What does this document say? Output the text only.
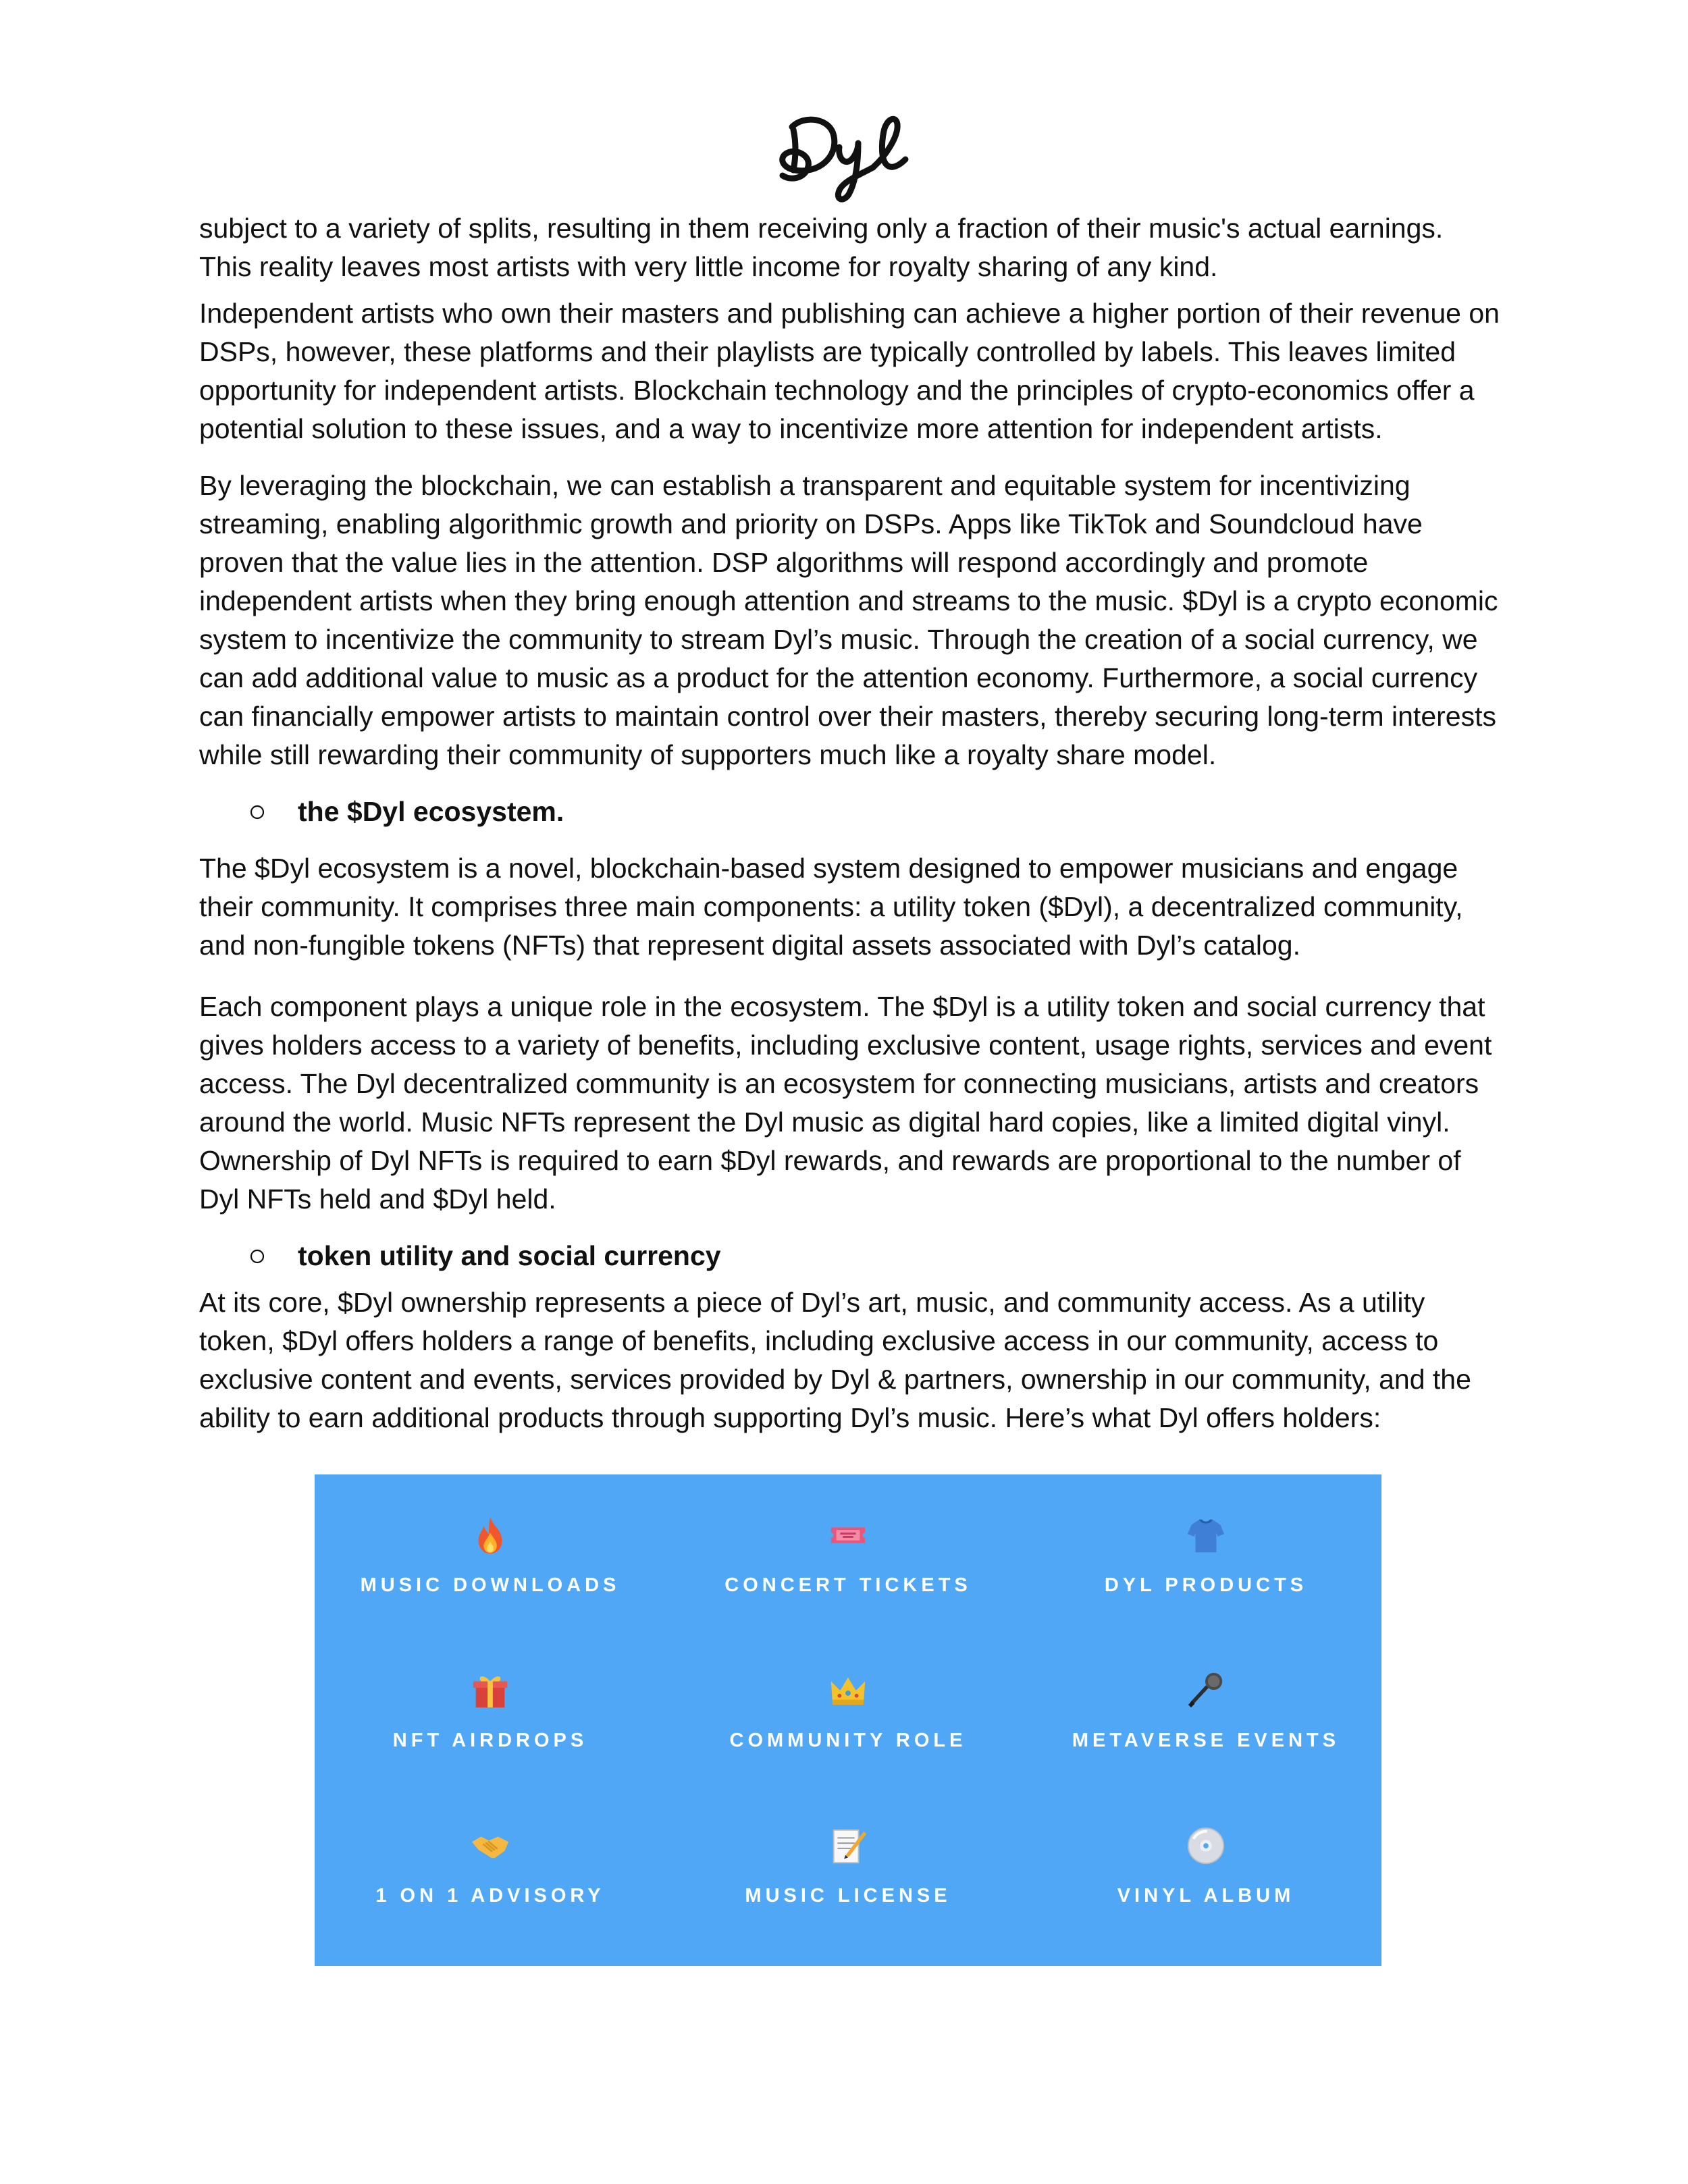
subject to a variety of splits, resulting in them receiving only a fraction of their music's actual earnings. This reality leaves most artists with very little income for royalty sharing of any kind.

Independent artists who own their masters and publishing can achieve a higher portion of their revenue on DSPs, however, these platforms and their playlists are typically controlled by labels. This leaves limited opportunity for independent artists. Blockchain technology and the principles of crypto-economics offer a potential solution to these issues, and a way to incentivize more attention for independent artists.

By leveraging the blockchain, we can establish a transparent and equitable system for incentivizing streaming, enabling algorithmic growth and priority on DSPs. Apps like TikTok and Soundcloud have proven that the value lies in the attention. DSP algorithms will respond accordingly and promote independent artists when they bring enough attention and streams to the music. $Dyl is a crypto economic system to incentivize the community to stream Dyl’s music. Through the creation of a social currency, we can add additional value to music as a product for the attention economy. Furthermore, a social currency can financially empower artists to maintain control over their masters, thereby securing long-term interests while still rewarding their community of supporters much like a royalty share model.

the $Dyl ecosystem.

The $Dyl ecosystem is a novel, blockchain-based system designed to empower musicians and engage their community. It comprises three main components: a utility token ($Dyl), a decentralized community, and non-fungible tokens (NFTs) that represent digital assets associated with Dyl’s catalog.

Each component plays a unique role in the ecosystem. The $Dyl is a utility token and social currency that gives holders access to a variety of benefits, including exclusive content, usage rights, services and event access. The Dyl decentralized community is an ecosystem for connecting musicians, artists and creators around the world. Music NFTs represent the Dyl music as digital hard copies, like a limited digital vinyl. Ownership of Dyl NFTs is required to earn $Dyl rewards, and rewards are proportional to the number of Dyl NFTs held and $Dyl held.

token utility and social currency

At its core, $Dyl ownership represents a piece of Dyl’s art, music, and community access. As a utility token, $Dyl offers holders a range of benefits, including exclusive access in our community, access to exclusive content and events, services provided by Dyl & partners, ownership in our community, and the ability to earn additional products through supporting Dyl’s music. Here’s what Dyl offers holders:

MUSIC DOWNLOADS	CONCERT TICKETS	DYL PRODUCTS
NFT AIRDROPS	COMMUNITY ROLE	METAVERSE EVENTS
1 ON 1 ADVISORY	MUSIC LICENSE	VINYL ALBUM
